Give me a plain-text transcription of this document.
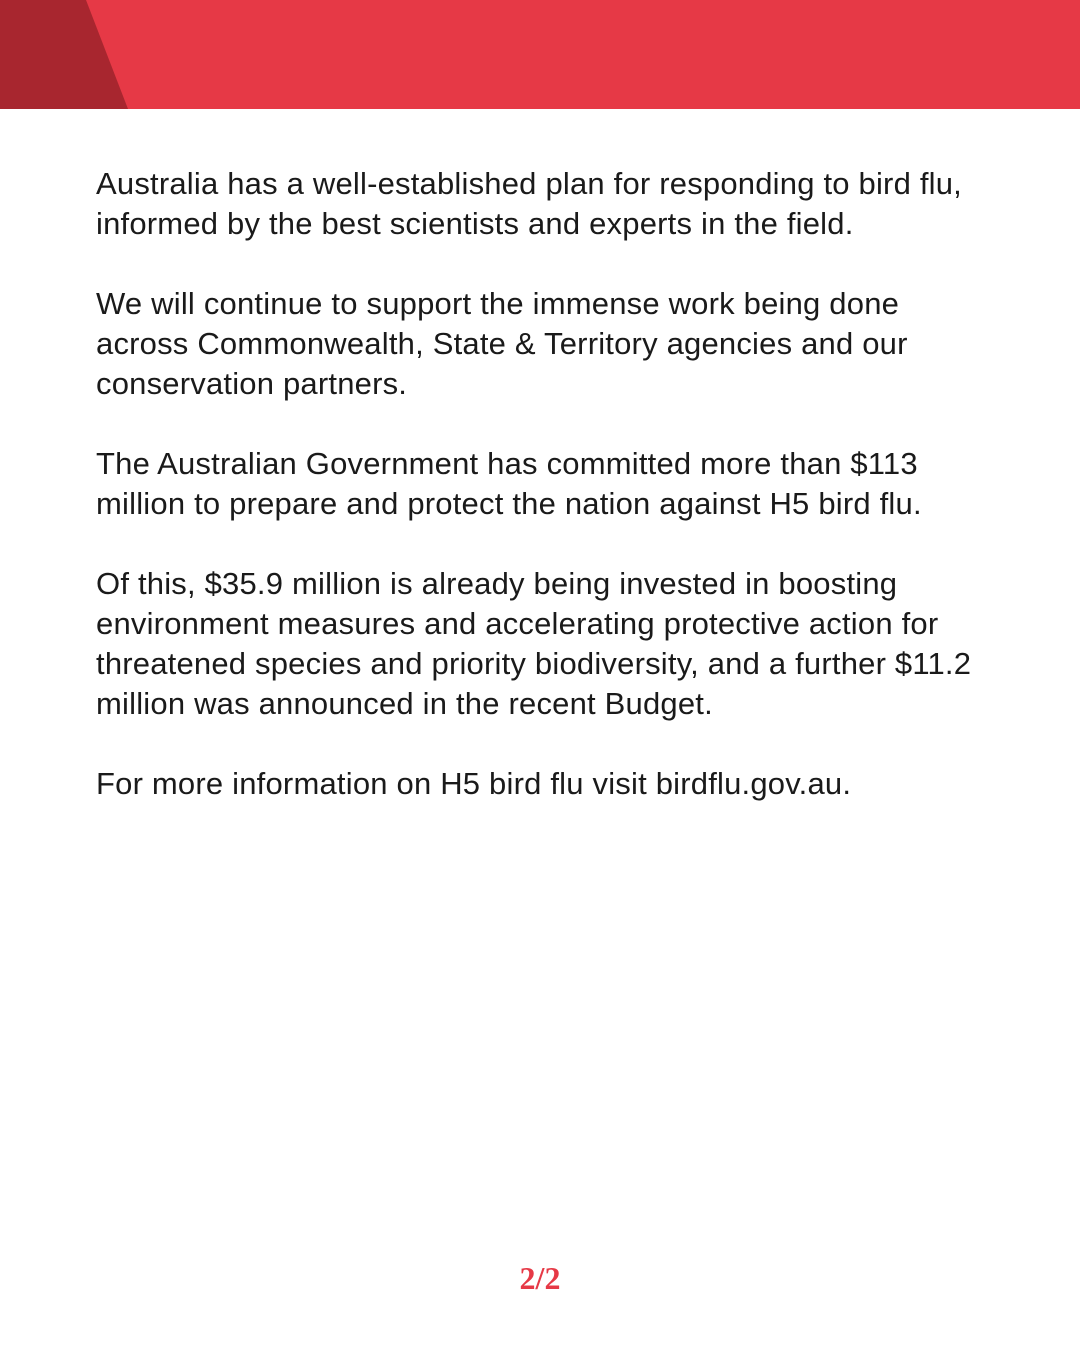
Australia has a well-established plan for responding to bird flu, informed by the best scientists and experts in the field.

We will continue to support the immense work being done across Commonwealth, State & Territory agencies and our conservation partners.

The Australian Government has committed more than $113 million to prepare and protect the nation against H5 bird flu.

Of this, $35.9 million is already being invested in boosting environment measures and accelerating protective action for threatened species and priority biodiversity, and a further $11.2 million was announced in the recent Budget.

For more information on H5 bird flu visit birdflu.gov.au.

2/2
